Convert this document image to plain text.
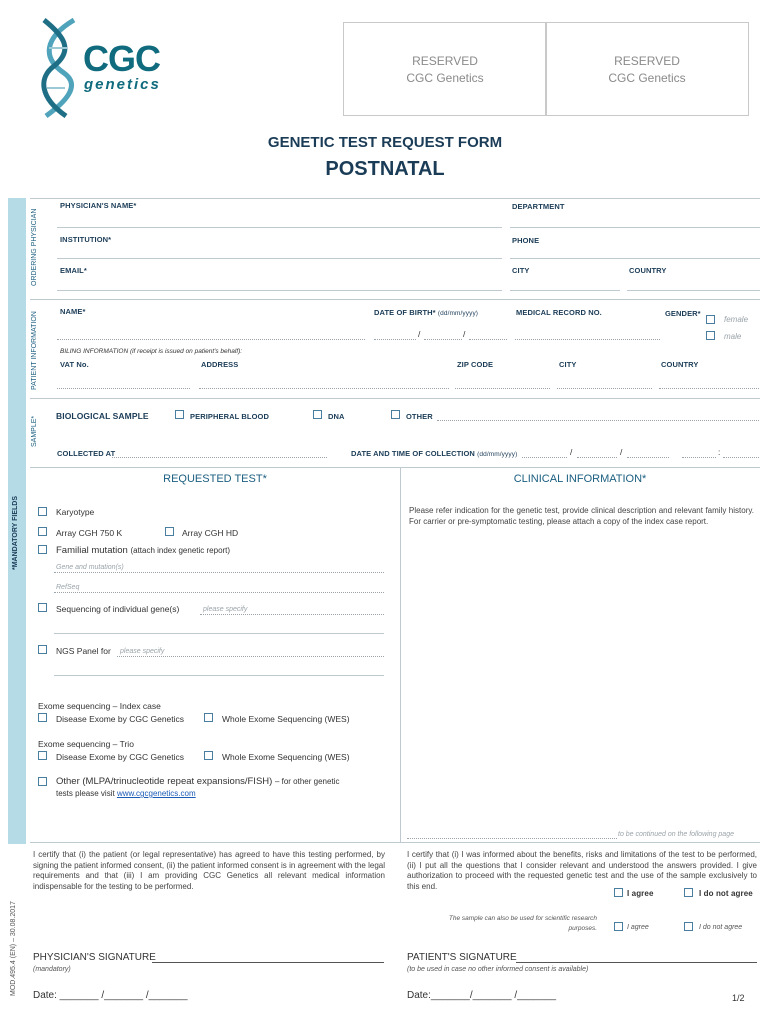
CGC
genetics
RESERVED
CGC Genetics
RESERVED
CGC Genetics
GENETIC TEST REQUEST FORM
POSTNATAL
ORDERING PHYSICIAN
PATIENT INFORMATION
SAMPLE*
*MANDATORY FIELDS
MOD.495.4 (EN) – 30.08.2017
PHYSICIAN'S NAME*	DEPARTMENT
INSTITUTION*	PHONE
EMAIL*	CITY	COUNTRY
NAME*	DATE OF BIRTH* (dd/mm/yyyy)	MEDICAL RECORD NO.	GENDER*
female
male
/	/
BILING INFORMATION (if receipt is issued on patient's behalf):
VAT No.	ADDRESS	ZIP CODE	CITY	COUNTRY
BIOLOGICAL SAMPLE	PERIPHERAL BLOOD	DNA	OTHER
COLLECTED AT	DATE AND TIME OF COLLECTION (dd/mm/yyyy)	/	/	:
REQUESTED TEST*	CLINICAL INFORMATION*
Karyotype
Array CGH 750 K	Array CGH HD
Familial mutation (attach index genetic report)
Gene and mutation(s)
RefSeq
Sequencing of individual gene(s)	please specify
NGS Panel for please specify
Exome sequencing – Index case
Disease Exome by CGC Genetics	Whole Exome Sequencing (WES)
Exome sequencing – Trio
Disease Exome by CGC Genetics	Whole Exome Sequencing (WES)
Other (MLPA/trinucleotide repeat expansions/FISH) – for other genetic
tests please visit www.cgcgenetics.com
Please refer indication for the genetic test, provide clinical description and relevant family history. For carrier or pre-symptomatic testing, please attach a copy of the index case report.
to be continued on the following page
I certify that (i) the patient (or legal representative) has agreed to have this testing performed, by signing the patient informed consent, (ii) the patient informed consent is in agreement with the legal requirements and that (iii) I am providing CGC Genetics all relevant medical information indispensable for the testing to be performed.
I certify that (i) I was informed about the benefits, risks and limitations of the test to be performed, (ii) I put all the questions that I consider relevant and understood the answers provided. I give authorization to proceed with the requested genetic test and the use of the sample exclusively to this end.
I agree	I do not agree
The sample can also be used for scientific research
purposes.	I agree	I do not agree
PHYSICIAN'S SIGNATURE
(mandatory)
PATIENT'S SIGNATURE
(to be used in case no other informed consent is available)
Date: _______ /_______ /_______	Date:_______/_______ /_______	1/2
